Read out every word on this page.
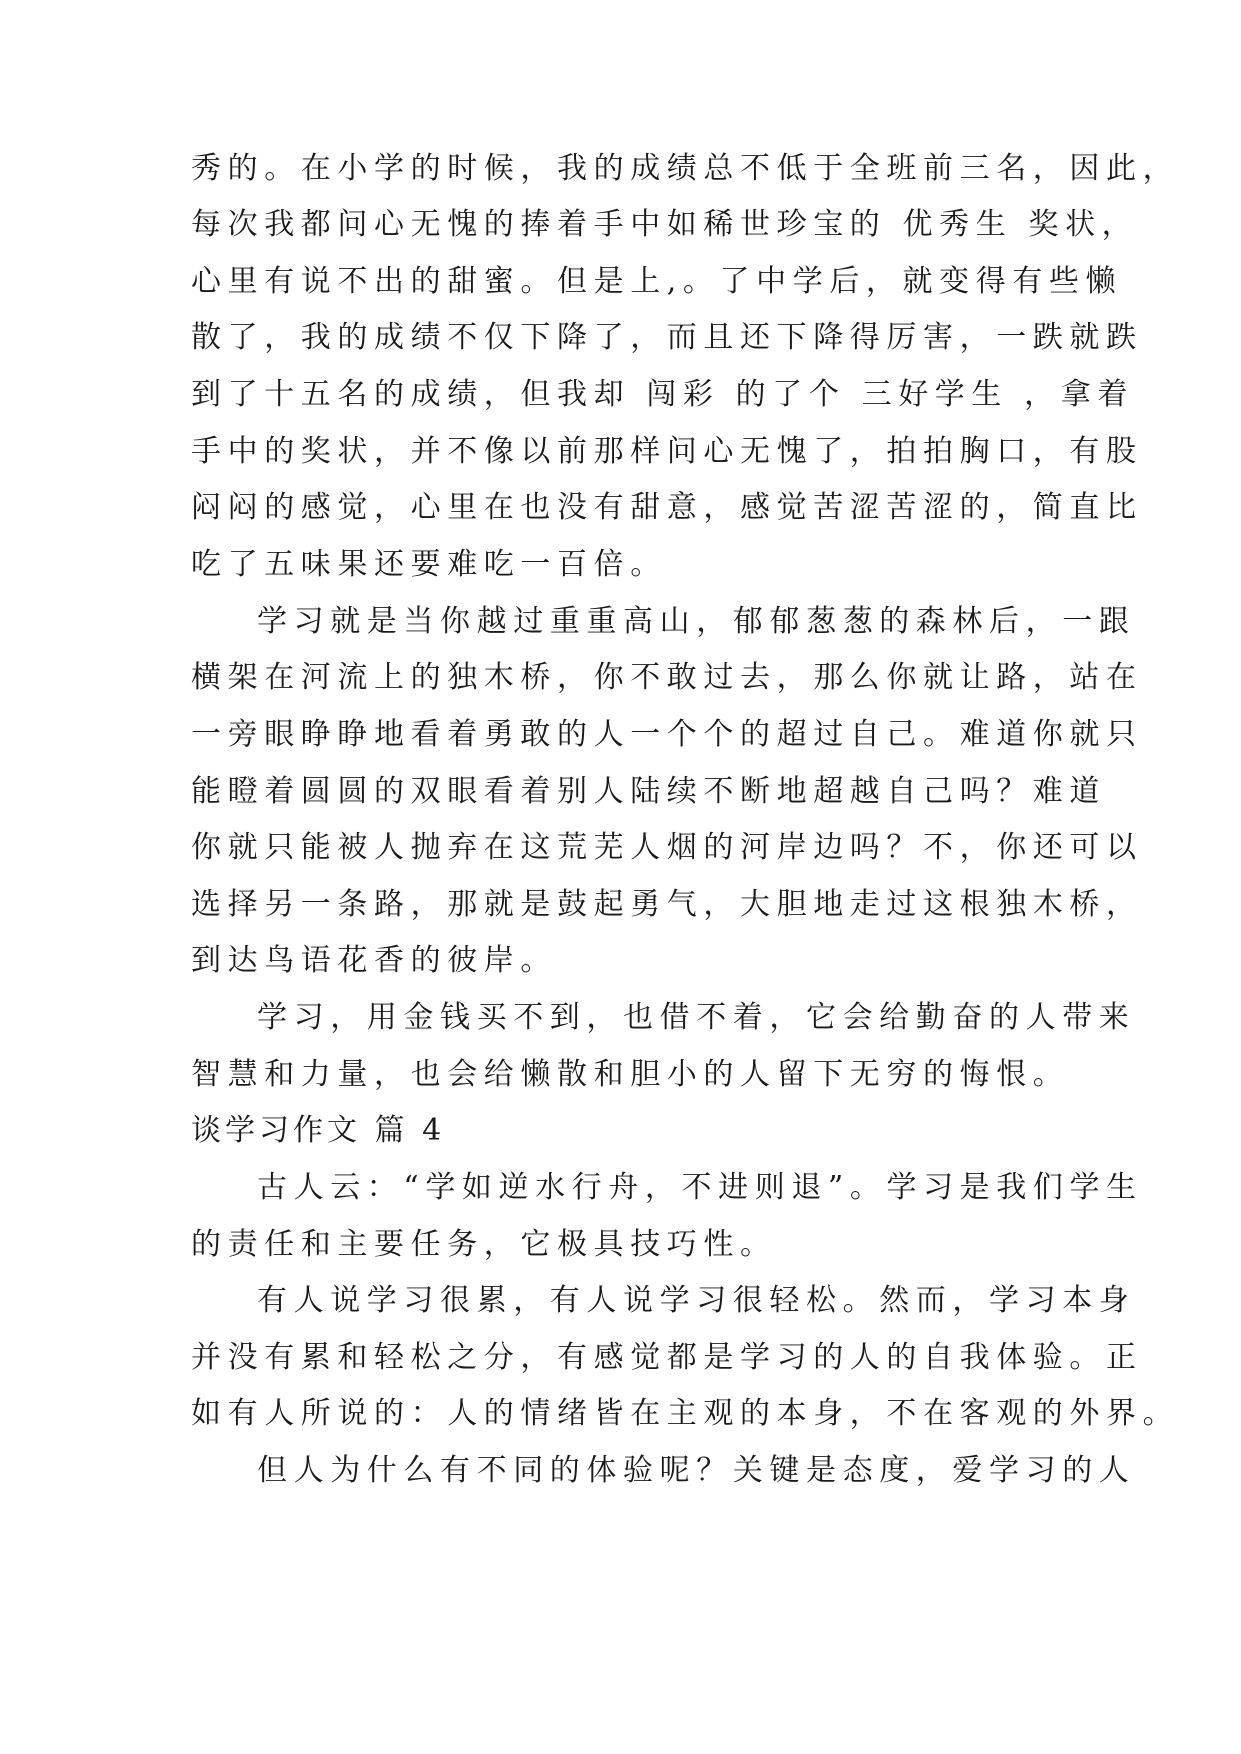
秀的。在小学的时候，我的成绩总不低于全班前三名，因此，
每次我都问心无愧的捧着手中如稀世珍宝的 优秀生 奖状，
心里有说不出的甜蜜。但是上,。了中学后，就变得有些懒
散了，我的成绩不仅下降了，而且还下降得厉害，一跌就跌
到了十五名的成绩，但我却 闯彩 的了个 三好学生 ，拿着
手中的奖状，并不像以前那样问心无愧了，拍拍胸口，有股
闷闷的感觉，心里在也没有甜意，感觉苦涩苦涩的，简直比
吃了五味果还要难吃一百倍。
学习就是当你越过重重高山，郁郁葱葱的森林后，一跟
横架在河流上的独木桥，你不敢过去，那么你就让路，站在
一旁眼睁睁地看着勇敢的人一个个的超过自己。难道你就只
能瞪着圆圆的双眼看着别人陆续不断地超越自己吗？难道
你就只能被人抛弃在这荒芜人烟的河岸边吗？不，你还可以
选择另一条路，那就是鼓起勇气，大胆地走过这根独木桥，
到达鸟语花香的彼岸。
学习，用金钱买不到，也借不着，它会给勤奋的人带来
智慧和力量，也会给懒散和胆小的人留下无穷的悔恨。
谈学习作文 篇 4
古人云：“学如逆水行舟，不进则退”。学习是我们学生
的责任和主要任务，它极具技巧性。
有人说学习很累，有人说学习很轻松。然而，学习本身
并没有累和轻松之分，有感觉都是学习的人的自我体验。正
如有人所说的：人的情绪皆在主观的本身，不在客观的外界。
但人为什么有不同的体验呢？关键是态度，爱学习的人
